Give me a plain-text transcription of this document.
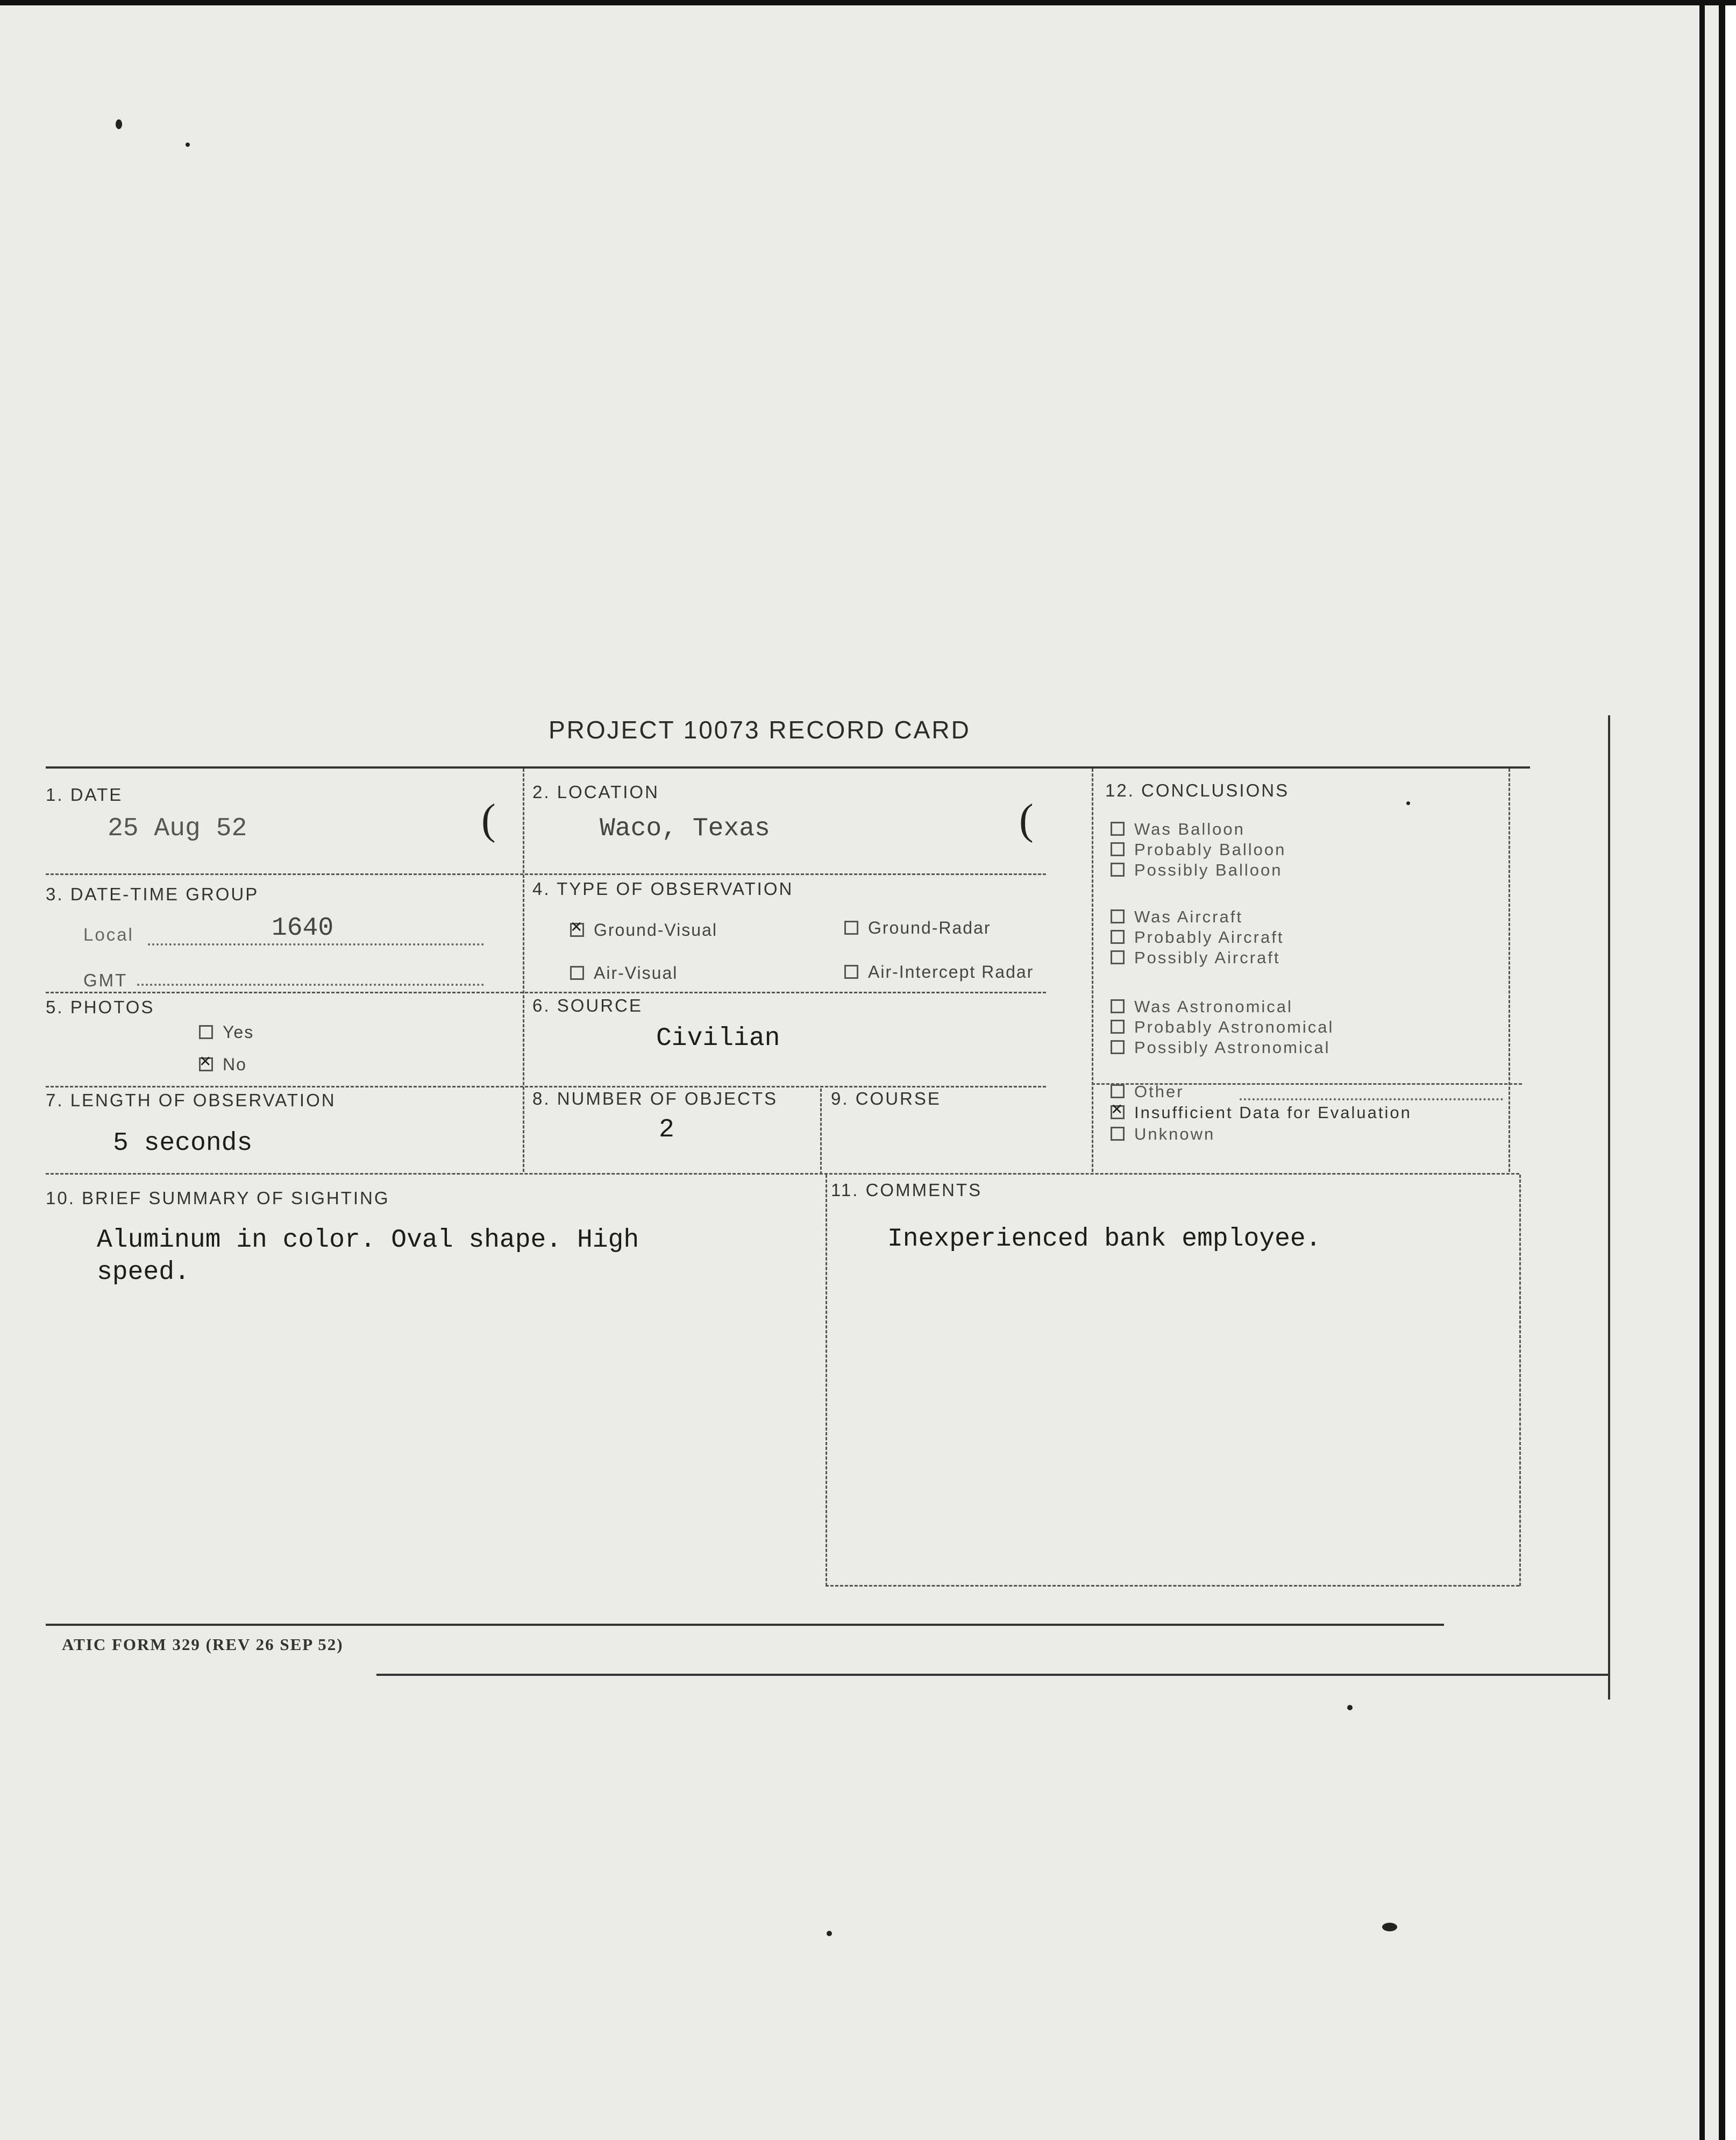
PROJECT 10073 RECORD CARD
1. DATE
25 Aug 52	(
2. LOCATION
Waco, Texas	(
3. DATE-TIME GROUP
Local	1640
GMT
4. TYPE OF OBSERVATION
✕Ground-Visual	Ground-Radar
Air-Visual	Air-Intercept Radar
5. PHOTOS
Yes
✕No
6. SOURCE
Civilian
7. LENGTH OF OBSERVATION
5 seconds
8. NUMBER OF OBJECTS
2
9. COURSE
10. BRIEF SUMMARY OF SIGHTING
Aluminum in color. Oval shape. High
speed.
11. COMMENTS
Inexperienced bank employee.
12. CONCLUSIONS
Was Balloon
Probably Balloon
Possibly Balloon
Was Aircraft
Probably Aircraft
Possibly Aircraft
Was Astronomical
Probably Astronomical
Possibly Astronomical
Other
✕Insufficient Data for Evaluation
Unknown
ATIC FORM 329 (REV 26 SEP 52)
